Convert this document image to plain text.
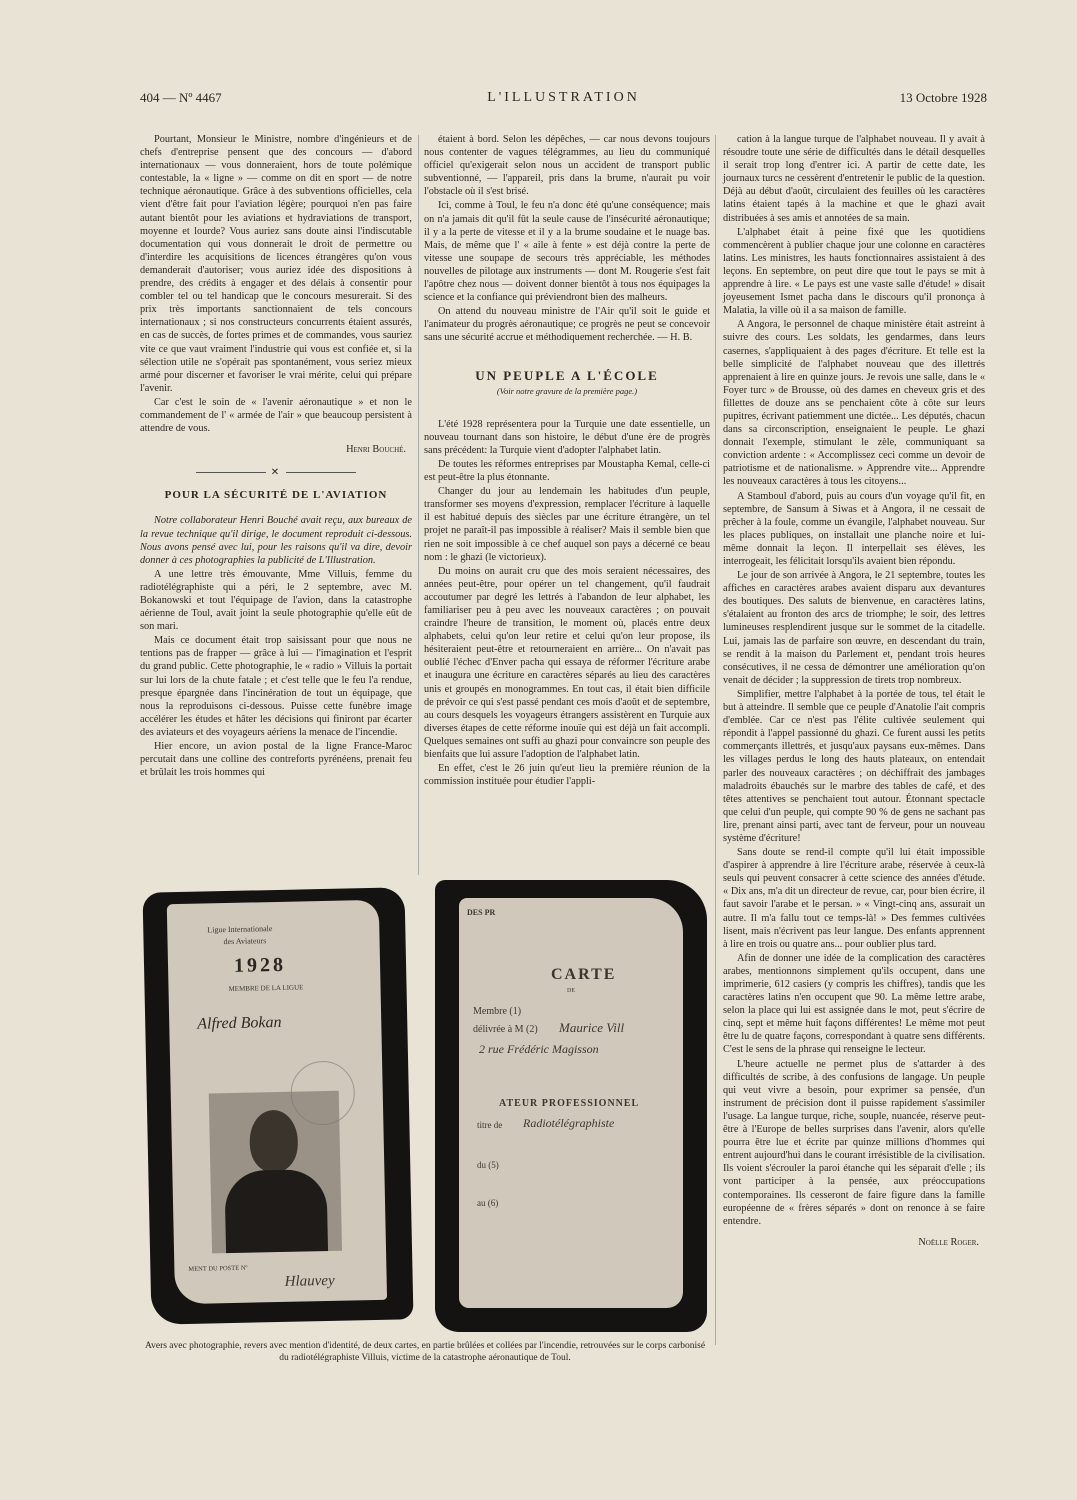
404 — Nº 4467	L'ILLUSTRATION	13 Octobre 1928

Pourtant, Monsieur le Ministre, nombre d'ingénieurs et de chefs d'entreprise pensent que des concours — d'abord internationaux — vous donneraient, hors de toute polémique contestable, la « ligne » — comme on dit en sport — de notre technique aéronautique. Grâce à des subventions officielles, cela vient d'être fait pour l'aviation légère; pourquoi n'en pas faire autant bientôt pour les aviations et hydraviations de transport, moyenne et lourde? Vous auriez sans doute ainsi l'indiscutable documentation qui vous donnerait le droit de permettre ou d'interdire les acquisitions de licences étrangères qu'on vous demanderait d'autoriser; vous auriez idée des dispositions à prendre, des crédits à engager et des délais à consentir pour combler tel ou tel handicap que le concours mesurerait. Si des prix très importants sanctionnaient de tels concours internationaux ; si nos constructeurs concurrents étaient assurés, en cas de succès, de fortes primes et de commandes, vous sauriez vite ce que vaut vraiment l'industrie qui vous est confiée et, si la sélection utile ne s'opérait pas spontanément, vous seriez mieux armé pour discerner et favoriser le vrai mérite, celui qui prépare l'avenir.

Car c'est le soin de « l'avenir aéronautique » et non le commandement de l' « armée de l'air » que beaucoup persistent à attendre de vous.

Henri Bouché.
✕
POUR LA SÉCURITÉ DE L'AVIATION

Notre collaborateur Henri Bouché avait reçu, aux bureaux de la revue technique qu'il dirige, le document reproduit ci-dessous. Nous avons pensé avec lui, pour les raisons qu'il va dire, devoir donner à ces photographies la publicité de L'Illustration.

A une lettre très émouvante, Mme Villuis, femme du radiotélégraphiste qui a péri, le 2 septembre, avec M. Bokanowski et tout l'équipage de l'avion, dans la catastrophe aérienne de Toul, avait joint la seule photographie qu'elle eût de son mari.

Mais ce document était trop saisissant pour que nous ne tentions pas de frapper — grâce à lui — l'imagination et l'esprit du grand public. Cette photographie, le « radio » Villuis la portait sur lui lors de la chute fatale ; et c'est telle que le feu l'a rendue, presque épargnée dans l'incinération de tout un équipage, que nous la reproduisons ci-dessous. Puisse cette funèbre image accélérer les études et hâter les décisions qui finiront par écarter des aviateurs et des voyageurs aériens la menace de l'incendie.

Hier encore, un avion postal de la ligne France-Maroc percutait dans une colline des contreforts pyrénéens, prenait feu et brûlait les trois hommes qui

étaient à bord. Selon les dépêches, — car nous devons toujours nous contenter de vagues télégrammes, au lieu du communiqué officiel qu'exigerait selon nous un accident de transport public subventionné, — l'appareil, pris dans la brume, n'aurait pu voir l'obstacle où il s'est brisé.

Ici, comme à Toul, le feu n'a donc été qu'une conséquence; mais on n'a jamais dit qu'il fût la seule cause de l'insécurité aéronautique; il y a la perte de vitesse et il y a la brume soudaine et le nuage bas. Mais, de même que l' « aile à fente » est déjà contre la perte de vitesse une soupape de secours très appréciable, les méthodes nouvelles de pilotage aux instruments — dont M. Rougerie s'est fait l'apôtre chez nous — doivent donner bientôt à tous nos équipages la science et la confiance qui préviendront bien des malheurs.

On attend du nouveau ministre de l'Air qu'il soit le guide et l'animateur du progrès aéronautique; ce progrès ne peut se concevoir sans une sécurité accrue et méthodiquement recherchée. — H. B.

UN PEUPLE A L'ÉCOLE
(Voir notre gravure de la première page.)

L'été 1928 représentera pour la Turquie une date essentielle, un nouveau tournant dans son histoire, le début d'une ère de progrès sans précédent: la Turquie vient d'adopter l'alphabet latin.

De toutes les réformes entreprises par Moustapha Kemal, celle-ci est peut-être la plus étonnante.

Changer du jour au lendemain les habitudes d'un peuple, transformer ses moyens d'expression, remplacer l'écriture à laquelle il est habitué depuis des siècles par une écriture étrangère, un tel projet ne paraît-il pas impossible à réaliser? Mais il semble bien que rien ne soit impossible à ce chef auquel son pays a décerné ce beau nom : le ghazi (le victorieux).

Du moins on aurait cru que des mois seraient nécessaires, des années peut-être, pour opérer un tel changement, qu'il faudrait accoutumer par degré les lettrés à l'abandon de leur alphabet, les familiariser peu à peu avec les nouveaux caractères ; on pouvait craindre l'heure de transition, le moment où, placés entre deux alphabets, celui qu'on leur retire et celui qu'on leur propose, ils hésiteraient peut-être et retourneraient en arrière... On n'avait pas oublié l'échec d'Enver pacha qui essaya de réformer l'écriture arabe et inaugura une écriture en caractères séparés au lieu des caractères unis et groupés en monogrammes. En tout cas, il était bien difficile de prévoir ce qui s'est passé pendant ces mois d'août et de septembre, au cours desquels les voyageurs étrangers assistèrent en Turquie aux diverses étapes de cette réforme inouïe qui est déjà un fait accompli. Quelques semaines ont suffi au ghazi pour convaincre son peuple des bienfaits que lui assure l'adoption de l'alphabet latin.

En effet, c'est le 26 juin qu'eut lieu la première réunion de la commission instituée pour étudier l'appli-

cation à la langue turque de l'alphabet nouveau. Il y avait à résoudre toute une série de difficultés dans le détail desquelles il serait trop long d'entrer ici. A partir de cette date, les journaux turcs ne cessèrent d'entretenir le public de la question. Déjà au début d'août, circulaient des feuilles où les caractères latins étaient tapés à la machine et que le ghazi avait distribuées à ses amis et annotées de sa main.

L'alphabet était à peine fixé que les quotidiens commencèrent à publier chaque jour une colonne en caractères latins. Les ministres, les hauts fonctionnaires assistaient à des leçons. En septembre, on peut dire que tout le pays se mit à apprendre à lire. « Le pays est une vaste salle d'étude! » disait joyeusement Ismet pacha dans le discours qu'il prononça à Malatia, la ville où il a sa maison de famille.

A Angora, le personnel de chaque ministère était astreint à suivre des cours. Les soldats, les gendarmes, dans leurs casernes, s'appliquaient à des pages d'écriture. Et telle est la belle simplicité de l'alphabet nouveau que des illettrés apprenaient à lire en quinze jours. Je revois une salle, dans le « Foyer turc » de Brousse, où des dames en cheveux gris et des fillettes de douze ans se penchaient côte à côte sur leurs pupitres, écrivant patiemment une dictée... Les députés, chacun dans sa circonscription, enseignaient le peuple. Le ghazi donnait l'exemple, stimulant le zèle, communiquant sa conviction ardente : « Accomplissez ceci comme un devoir de patriotisme et de nationalisme. » Apprendre vite... Apprendre les nouveaux caractères à tous les citoyens...

A Stamboul d'abord, puis au cours d'un voyage qu'il fit, en septembre, de Sansum à Siwas et à Angora, il ne cessait de prêcher à la foule, comme un évangile, l'alphabet nouveau. Sur les places publiques, on installait une planche noire et lui-même donnait la leçon. Il interpellait ses élèves, les interrogeait, les félicitait lorsqu'ils avaient bien répondu.

Le jour de son arrivée à Angora, le 21 septembre, toutes les affiches en caractères arabes avaient disparu aux devantures des boutiques. Des saluts de bienvenue, en caractères latins, s'étalaient au fronton des arcs de triomphe; le soir, des lettres lumineuses resplendirent jusque sur le sommet de la citadelle. Lui, jamais las de parfaire son œuvre, en descendant du train, se rendit à la maison du Parlement et, pendant trois heures consécutives, il ne cessa de démontrer une amélioration qu'on venait de décider ; la suppression de tirets trop nombreux.

Simplifier, mettre l'alphabet à la portée de tous, tel était le but à atteindre. Il semble que ce peuple d'Anatolie l'ait compris d'emblée. Car ce n'est pas l'élite cultivée seulement qui répondit à l'appel passionné du ghazi. Ce furent aussi les petits commerçants illettrés, et jusqu'aux paysans eux-mêmes. Dans les villages perdus le long des hauts plateaux, on entendait parler des nouveaux caractères ; on déchiffrait des jambages maladroits ébauchés sur le marbre des tables de café, et des têtes attentives se penchaient tout autour. Étonnant spectacle que celui d'un peuple, qui compte 90 % de gens ne sachant pas lire, prenant ainsi parti, avec tant de ferveur, pour un nouveau système d'écriture!

Sans doute se rend-il compte qu'il lui était impossible d'aspirer à apprendre à lire l'écriture arabe, réservée à ceux-là seuls qui peuvent consacrer à cette science des années d'étude. « Dix ans, m'a dit un directeur de revue, car, pour bien écrire, il faut savoir l'arabe et le persan. » « Vingt-cinq ans, assurait un autre. Il m'a fallu tout ce temps-là! » Des femmes cultivées lisent, mais n'écrivent pas leur langue. Des enfants apprennent à lire en trois ou quatre ans... pour oublier plus tard.

Afin de donner une idée de la complication des caractères arabes, mentionnons simplement qu'ils occupent, dans une imprimerie, 612 casiers (y compris les chiffres), tandis que les caractères latins n'en occupent que 90. La même lettre arabe, selon la place qui lui est assignée dans le mot, peut s'écrire de cinq, sept et même huit façons différentes! Le même mot peut être lu de quatre façons, correspondant à quatre sens différents. C'est le sens de la phrase qui renseigne le lecteur.

L'heure actuelle ne permet plus de s'attarder à des difficultés de scribe, à des confusions de langage. Un peuple qui veut vivre a besoin, pour exprimer sa pensée, d'un instrument de précision dont il puisse rapidement s'assimiler l'usage. La langue turque, riche, souple, nuancée, réserve peut-être à l'Europe de belles surprises dans l'avenir, alors qu'elle pourra être lue et écrite par quinze millions d'hommes qui entrent aujourd'hui dans le courant irrésistible de la civilisation. Ils voient s'écrouler la paroi étanche qui les séparait d'elle ; ils vont participer à la pensée, aux préoccupations contemporaines. Ils cesseront de faire figure dans la famille européenne de « frères séparés » dont on renonce à se faire entendre.

Noëlle Roger.
Ligue Internationale
des Aviateurs
1928
MEMBRE DE LA LIGUE
Alfred Bokan
MENT DU POSTE Nº
Hlauvey
DES PR
CARTE
DE
Membre (1)
délivrée à M (2) Maurice Vill
2 rue Frédéric Magisson
ATEUR PROFESSIONNEL
titre de Radiotélégraphiste
du (5)
au (6)
Avers avec photographie, revers avec mention d'identité, de deux cartes, en partie brûlées et collées par l'incendie, retrouvées sur le corps carbonisé du radiotélégraphiste Villuis, victime de la catastrophe aéronautique de Toul.
